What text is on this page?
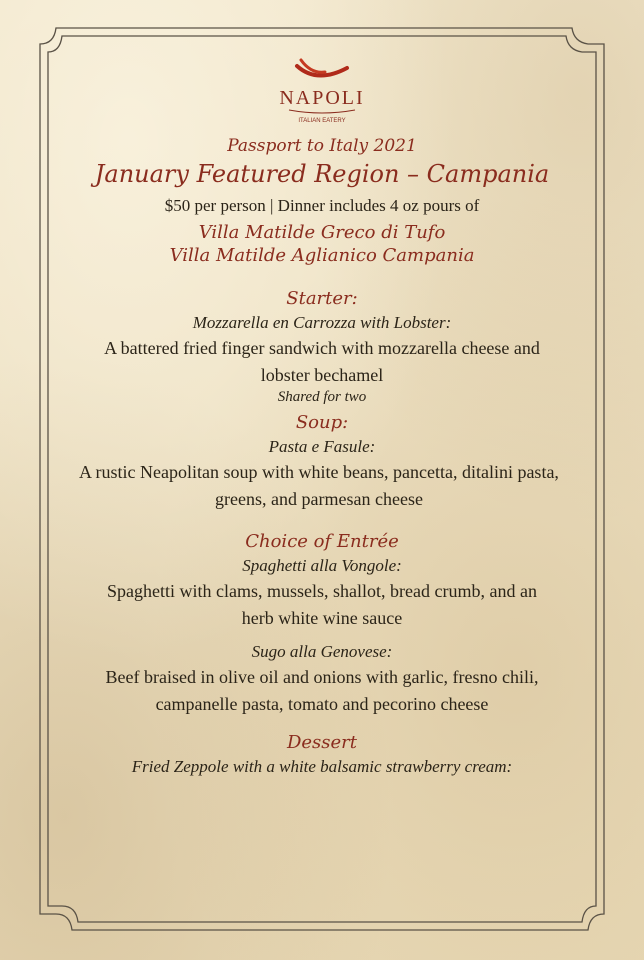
NAPOLI
ITALIAN EATERY
Passport to Italy 2021
January Featured Region – Campania
$50 per person | Dinner includes 4 oz pours of
Villa Matilde Greco di Tufo
Villa Matilde Aglianico Campania
Starter:
Mozzarella en Carrozza with Lobster:
A battered fried finger sandwich with mozzarella cheese and lobster bechamel
Shared for two
Soup:
Pasta e Fasule:
A rustic Neapolitan soup with white beans, pancetta, ditalini pasta, greens, and parmesan cheese
Choice of Entrée
Spaghetti alla Vongole:
Spaghetti with clams, mussels, shallot, bread crumb, and an herb white wine sauce
Sugo alla Genovese:
Beef braised in olive oil and onions with garlic, fresno chili, campanelle pasta, tomato and pecorino cheese
Dessert
Fried Zeppole with a white balsamic strawberry cream:
